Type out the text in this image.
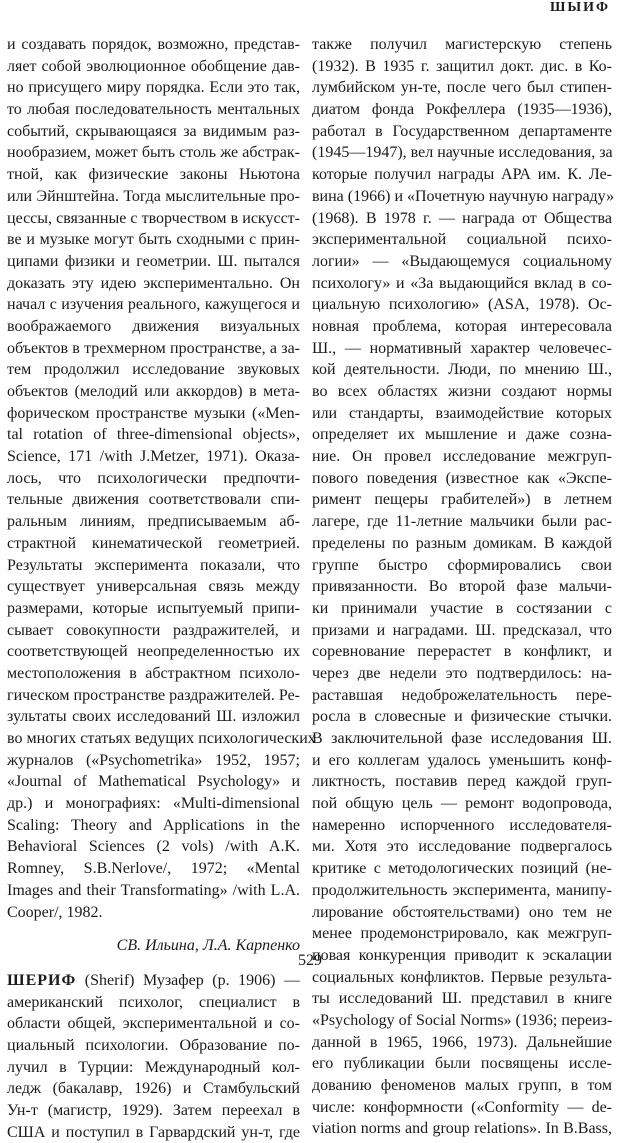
ШЫИФ
и создавать порядок, возможно, представ-
ляет собой эволюционное обобщение дав-
но присущего миру порядка. Если это так,
то любая последовательность ментальных
событий, скрывающаяся за видимым раз-
нообразием, может быть столь же абстрак-
тной, как физические законы Ньютона
или Эйнштейна. Тогда мыслительные про-
цессы, связанные с творчеством в искусст-
ве и музыке могут быть сходными с прин-
ципами физики и геометрии. Ш. пытался
доказать эту идею экспериментально. Он
начал с изучения реального, кажущегося и
воображаемого движения визуальных
объектов в трехмерном пространстве, а за-
тем продолжил исследование звуковых
объектов (мелодий или аккордов) в мета-
форическом пространстве музыки («Men-
tal rotation of three-dimensional objects»,
Science, 171 /with J.Metzer, 1971). Оказа-
лось, что психологически предпочти-
тельные движения соответствовали спи-
ральным линиям, предписываемым аб-
страктной кинематической геометрией.
Результаты эксперимента показали, что
существует универсальная связь между
размерами, которые испытуемый припи-
сывает совокупности раздражителей, и
соответствующей неопределенностью их
местоположения в абстрактном психоло-
гическом пространстве раздражителей. Ре-
зультаты своих исследований Ш. изложил
во многих статьях ведущих психологических
журналов («Psychometrika» 1952, 1957;
«Journal of Mathematical Psychology» и
др.) и монографиях: «Multi-dimensional
Scaling: Theory and Applications in the
Behavioral Sciences (2 vols) /with A.K.
Romney, S.B.Nerlove/, 1972; «Mental
Images and their Transformating» /with L.A.
Cooper/, 1982.
СВ. Ильина, Л.А. Карпенко
ШЕРИФ (Sherif) Музафер (р. 1906) —
американский психолог, специалист в
области общей, экспериментальной и со-
циальный психологии. Образование по-
лучил в Турции: Международный кол-
ледж (бакалавр, 1926) и Стамбульский
Ун-т (магистр, 1929). Затем переехал в
США и поступил в Гарвардский ун-т, где
также получил магистерскую степень
(1932). В 1935 г. защитил докт. дис. в Ко-
лумбийском ун-те, после чего был стипен-
диатом фонда Рокфеллера (1935—1936),
работал в Государственном департаменте
(1945—1947), вел научные исследования, за
которые получил награды АРА им. К. Ле-
вина (1966) и «Почетную научную награду»
(1968). В 1978 г. — награда от Общества
экспериментальной социальной психо-
логии» — «Выдающемуся социальному
психологу» и «За выдающийся вклад в со-
циальную психологию» (ASA, 1978). Ос-
новная проблема, которая интересовала
Ш., — нормативный характер человечес-
кой деятельности. Люди, по мнению Ш.,
во всех областях жизни создают нормы
или стандарты, взаимодействие которых
определяет их мышление и даже созна-
ние. Он провел исследование межгруп-
пового поведения (известное как «Экспе-
римент пещеры грабителей») в летнем
лагере, где 11-летние мальчики были рас-
пределены по разным домикам. В каждой
группе быстро сформировались свои
привязанности. Во второй фазе мальчи-
ки принимали участие в состязании с
призами и наградами. Ш. предсказал, что
соревнование перерастет в конфликт, и
через две недели это подтвердилось: на-
раставшая недоброжелательность пере-
росла в словесные и физические стычки.
В заключительной фазе исследования Ш.
и его коллегам удалось уменьшить конф-
ликтность, поставив перед каждой груп-
пой общую цель — ремонт водопровода,
намеренно испорченного исследователя-
ми. Хотя это исследование подвергалось
критике с методологических позиций (не-
продолжительность эксперимента, манипу-
лирование обстоятельствами) оно тем не
менее продемонстрировало, как межгруп-
повая конкуренция приводит к эскалации
социальных конфликтов. Первые результа-
ты исследований Ш. представил в книге
«Psychology of Social Norms» (1936; переиз-
данной в 1965, 1966, 1973). Дальнейшие
его публикации были посвящены иссле-
дованию феноменов малых групп, в том
числе: конформности («Conformity — de-
viation norms and group relations». In B.Bass,
529
